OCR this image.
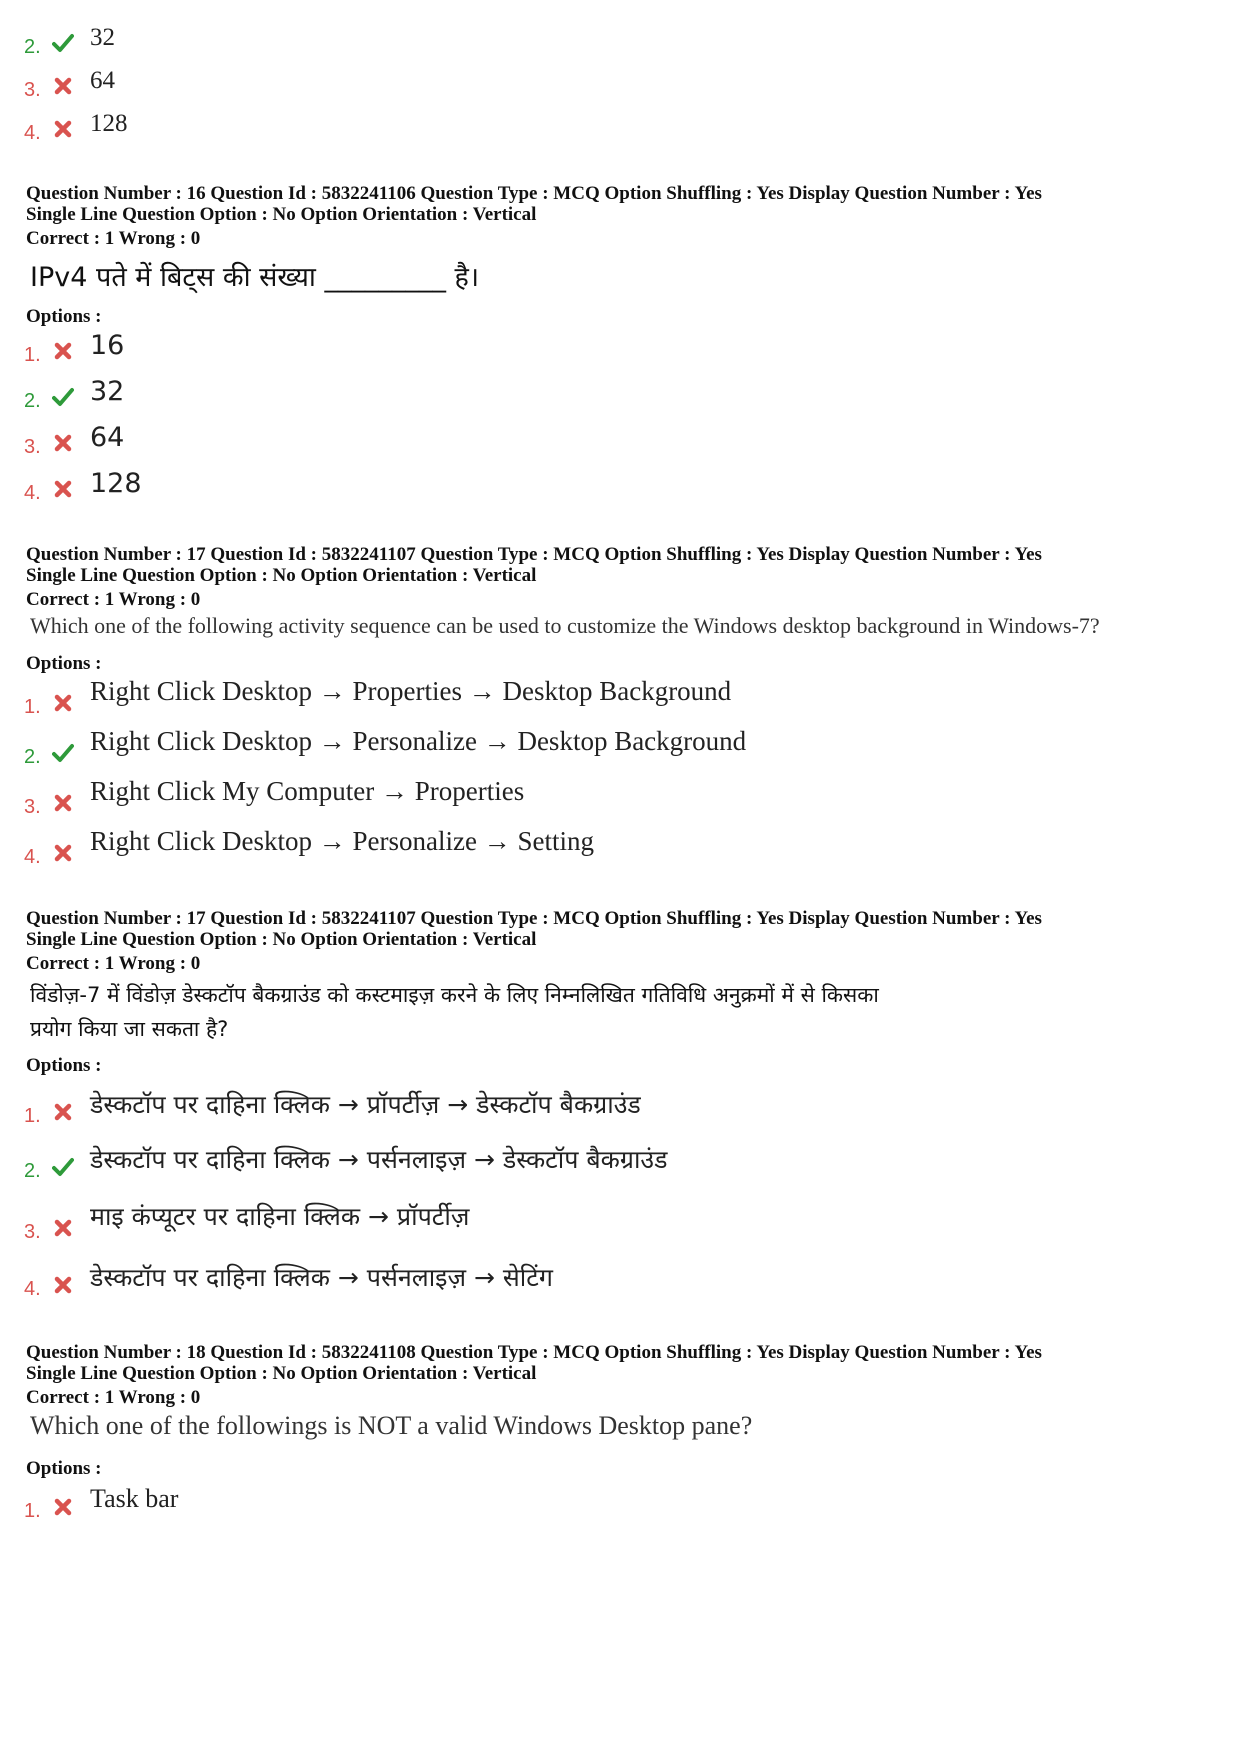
2. 32
3. 64
4. 128
Question Number : 16 Question Id : 5832241106 Question Type : MCQ Option Shuffling : Yes Display Question Number : Yes
Single Line Question Option : No Option Orientation : Vertical
Correct : 1 Wrong : 0
IPv4 पते में बिट्स की संख्या _________ है।
Options :
1. 16
2. 32
3. 64
4. 128
Question Number : 17 Question Id : 5832241107 Question Type : MCQ Option Shuffling : Yes Display Question Number : Yes
Single Line Question Option : No Option Orientation : Vertical
Correct : 1 Wrong : 0
Which one of the following activity sequence can be used to customize the Windows desktop background in Windows-7?
Options :
1.
Right Click Desktop → Properties → Desktop Background
2.
Right Click Desktop → Personalize → Desktop Background
3.
Right Click My Computer → Properties
4.
Right Click Desktop → Personalize → Setting
Question Number : 17 Question Id : 5832241107 Question Type : MCQ Option Shuffling : Yes Display Question Number : Yes
Single Line Question Option : No Option Orientation : Vertical
Correct : 1 Wrong : 0
विंडोज़-7 में विंडोज़ डेस्कटॉप बैकग्राउंड को कस्टमाइज़ करने के लिए निम्नलिखित गतिविधि अनुक्रमों में से किसका
प्रयोग किया जा सकता है?
Options :
1. डेस्कटॉप पर दाहिना क्लिक → प्रॉपर्टीज़ → डेस्कटॉप बैकग्राउंड
2. डेस्कटॉप पर दाहिना क्लिक → पर्सनलाइज़ → डेस्कटॉप बैकग्राउंड
3.
माइ कंप्यूटर पर दाहिना क्लिक → प्रॉपर्टीज़
4. डेस्कटॉप पर दाहिना क्लिक → पर्सनलाइज़ → सेटिंग
Question Number : 18 Question Id : 5832241108 Question Type : MCQ Option Shuffling : Yes Display Question Number : Yes
Single Line Question Option : No Option Orientation : Vertical
Correct : 1 Wrong : 0
Which one of the followings is NOT a valid Windows Desktop pane?
Options :
1. Task bar
